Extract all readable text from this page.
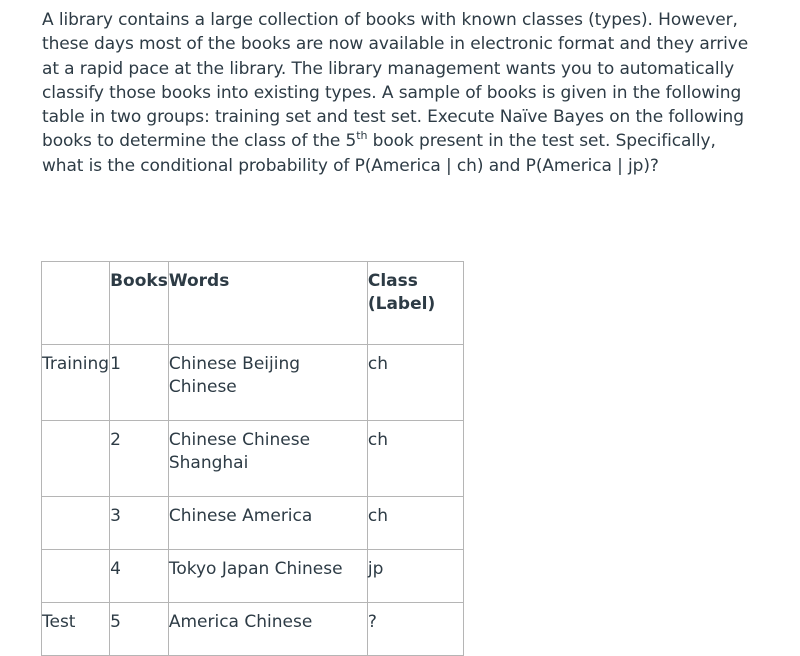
A library contains a large collection of books with known classes (types). However, these days most of the books are now available in electronic format and they arrive at a rapid pace at the library. The library management wants you to automatically classify those books into existing types. A sample of books is given in the following table in two groups: training set and test set. Execute Naïve Bayes on the following books to determine the class of the 5th book present in the test set. Specifically, what is the conditional probability of P(America | ch) and P(America | jp)?

	Books	Words	Class (Label)
Training	1	Chinese Beijing Chinese	ch
	2	Chinese Chinese Shanghai	ch
	3	Chinese America	ch
	4	Tokyo Japan Chinese	jp
Test	5	America Chinese	?
